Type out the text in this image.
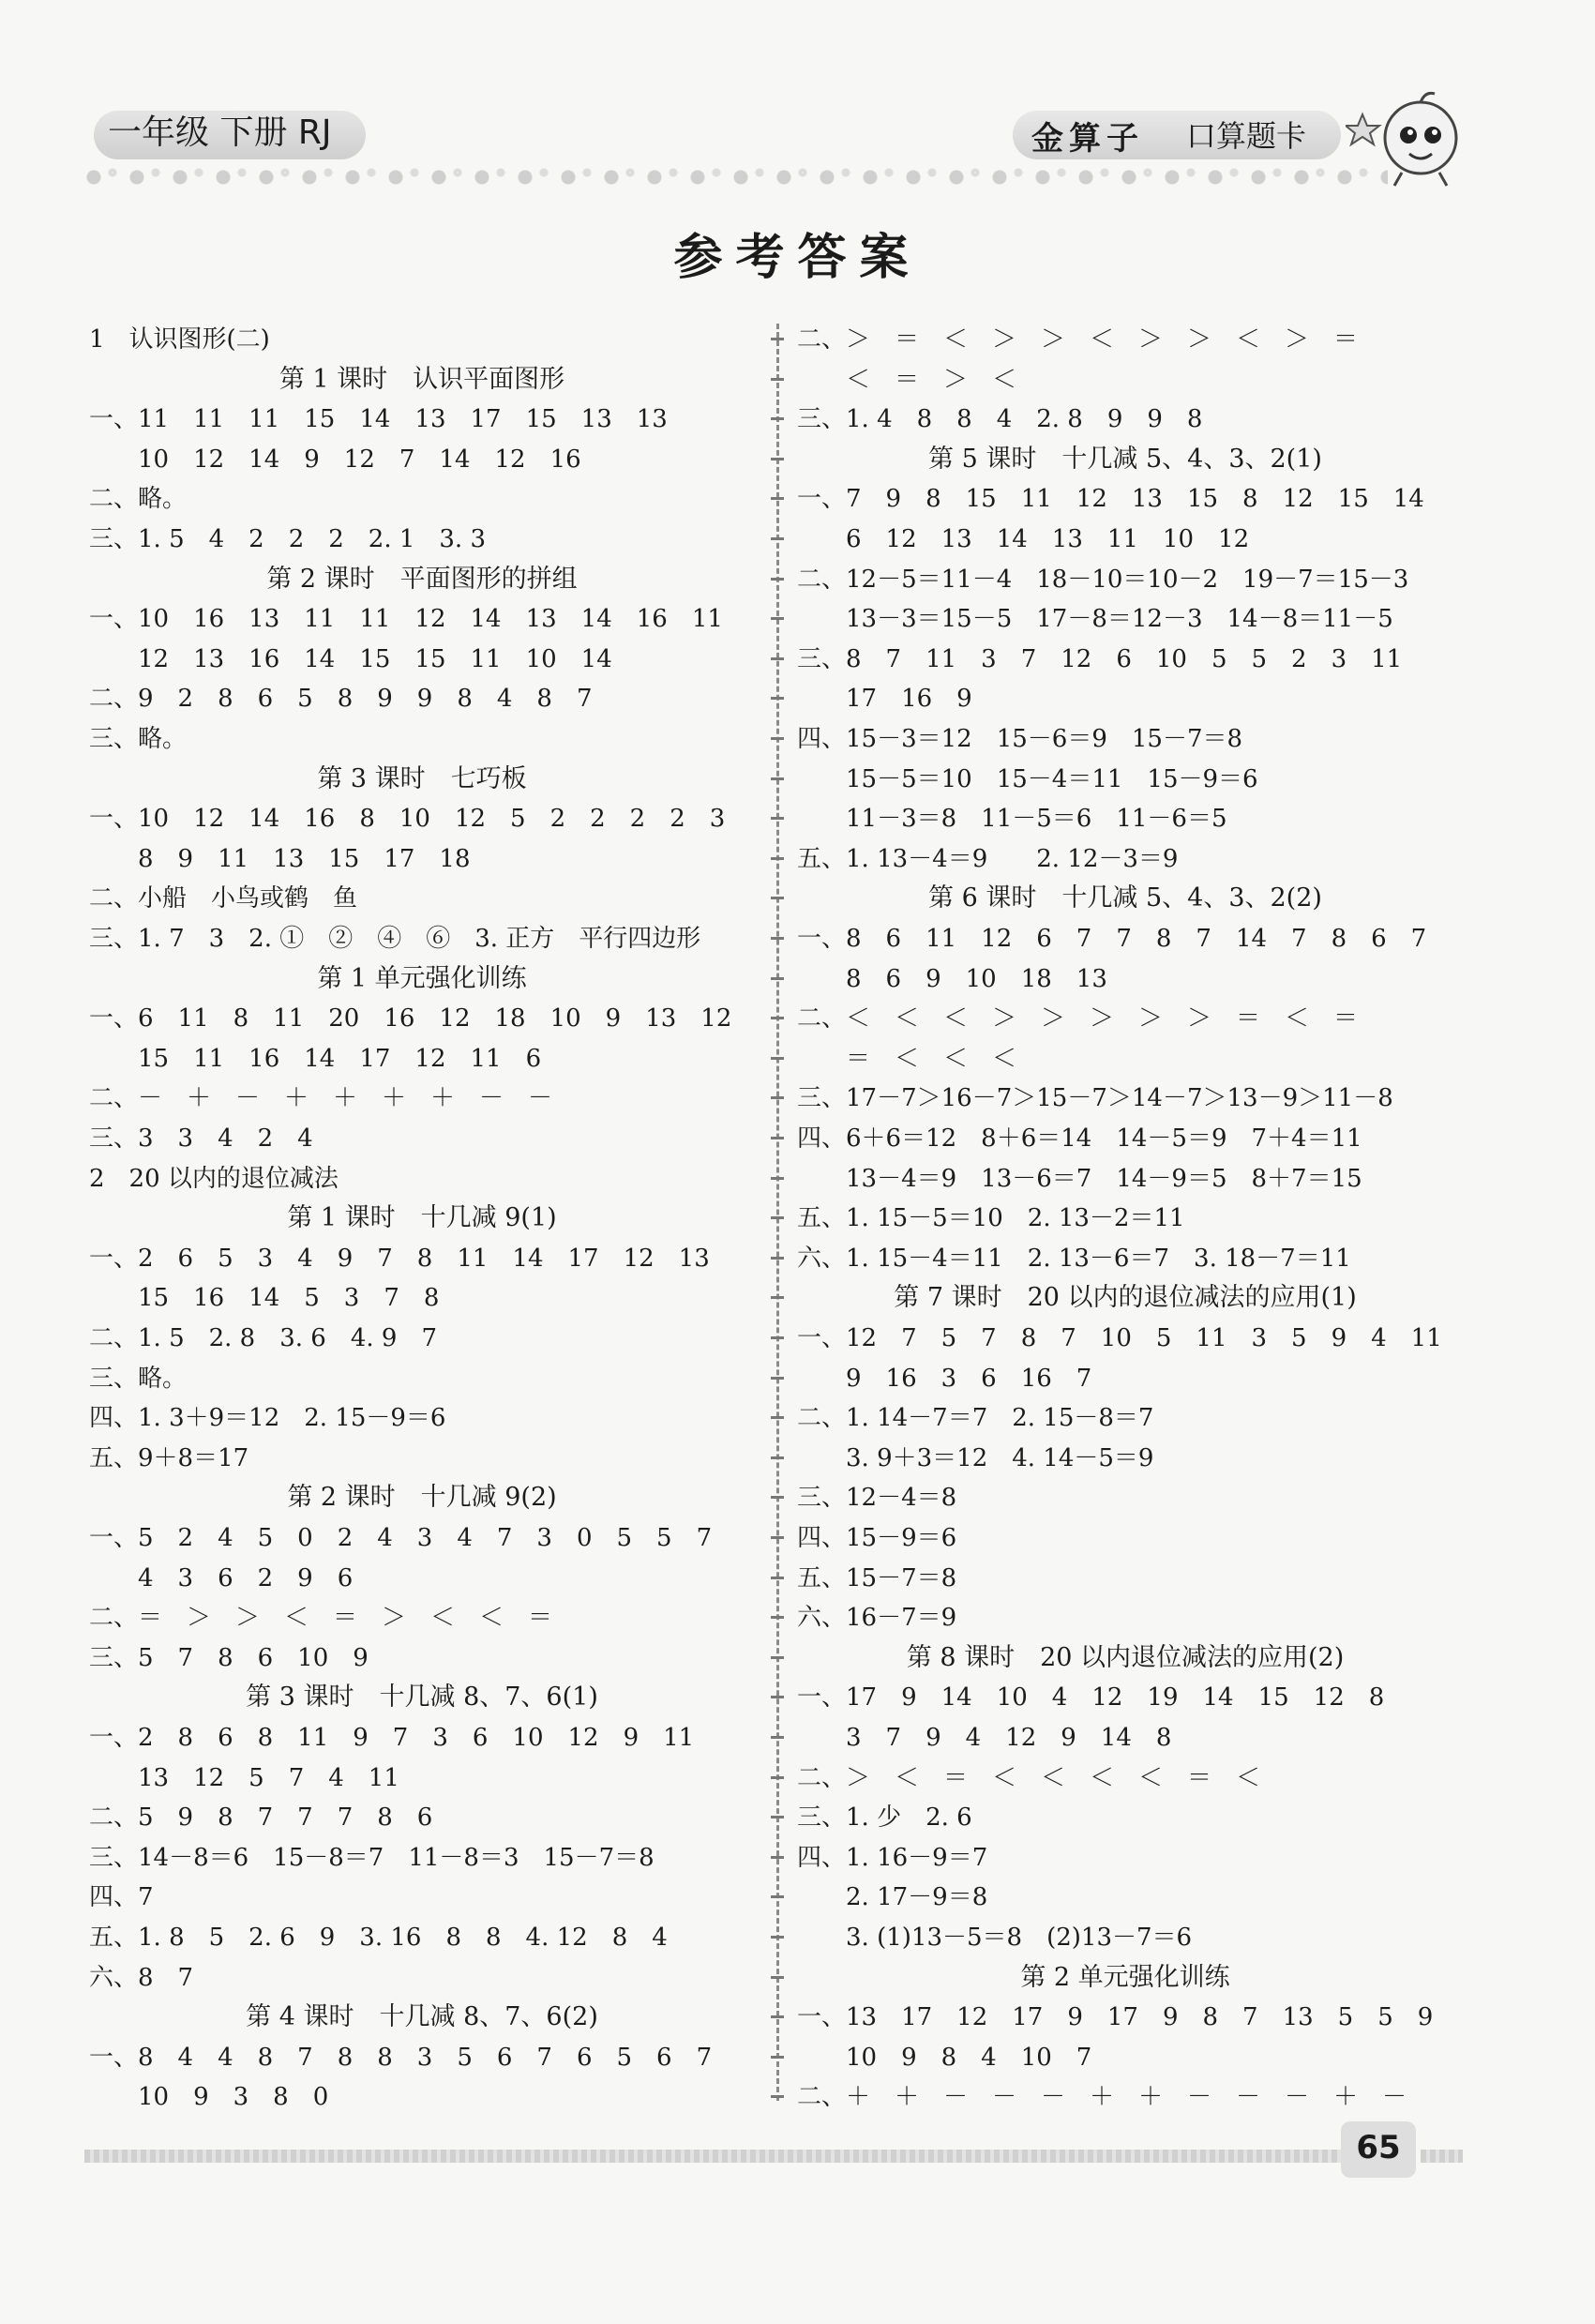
一年级 下册 RJ	金算子 口算题卡
参考答案
1　认识图形(二)
第 1 课时　认识平面图形
一、11　11　11　15　14　13　17　15　13　13
　　10　12　14　9　12　7　14　12　16
二、略。
三、1. 5　4　2　2　2　2. 1　3. 3
第 2 课时　平面图形的拼组
一、10　16　13　11　11　12　14　13　14　16　11
　　12　13　16　14　15　15　11　10　14
二、9　2　8　6　5　8　9　9　8　4　8　7
三、略。
第 3 课时　七巧板
一、10　12　14　16　8　10　12　5　2　2　2　2　3
　　8　9　11　13　15　17　18
二、小船　小鸟或鹤　鱼
三、1. 7　3　2. ①　②　④　⑥　3. 正方　平行四边形
第 1 单元强化训练
一、6　11　8　11　20　16　12　18　10　9　13　12
　　15　11　16　14　17　12　11　6
二、－　＋　－　＋　＋　＋　＋　－　－
三、3　3　4　2　4
2　20 以内的退位减法
第 1 课时　十几减 9(1)
一、2　6　5　3　4　9　7　8　11　14　17　12　13
　　15　16　14　5　3　7　8
二、1. 5　2. 8　3. 6　4. 9　7
三、略。
四、1. 3＋9＝12　2. 15－9＝6
五、9＋8＝17
第 2 课时　十几减 9(2)
一、5　2　4　5　0　2　4　3　4　7　3　0　5　5　7
　　4　3　6　2　9　6
二、＝　＞　＞　＜　＝　＞　＜　＜　＝
三、5　7　8　6　10　9
第 3 课时　十几减 8、7、6(1)
一、2　8　6　8　11　9　7　3　6　10　12　9　11
　　13　12　5　7　4　11
二、5　9　8　7　7　7　8　6
三、14－8＝6　15－8＝7　11－8＝3　15－7＝8
四、7
五、1. 8　5　2. 6　9　3. 16　8　8　4. 12　8　4
六、8　7
第 4 课时　十几减 8、7、6(2)
一、8　4　4　8　7　8　8　3　5　6　7　6　5　6　7
　　10　9　3　8　0
二、＞　＝　＜　＞　＞　＜　＞　＞　＜　＞　＝
　　＜　＝　＞　＜
三、1. 4　8　8　4　2. 8　9　9　8
第 5 课时　十几减 5、4、3、2(1)
一、7　9　8　15　11　12　13　15　8　12　15　14
　　6　12　13　14　13　11　10　12
二、12－5＝11－4　18－10＝10－2　19－7＝15－3
　　13－3＝15－5　17－8＝12－3　14－8＝11－5
三、8　7　11　3　7　12　6　10　5　5　2　3　11
　　17　16　9
四、15－3＝12　15－6＝9　15－7＝8
　　15－5＝10　15－4＝11　15－9＝6
　　11－3＝8　11－5＝6　11－6＝5
五、1. 13－4＝9　　2. 12－3＝9
第 6 课时　十几减 5、4、3、2(2)
一、8　6　11　12　6　7　7　8　7　14　7　8　6　7
　　8　6　9　10　18　13
二、＜　＜　＜　＞　＞　＞　＞　＞　＝　＜　＝
　　＝　＜　＜　＜
三、17－7＞16－7＞15－7＞14－7＞13－9＞11－8
四、6＋6＝12　8＋6＝14　14－5＝9　7＋4＝11
　　13－4＝9　13－6＝7　14－9＝5　8＋7＝15
五、1. 15－5＝10　2. 13－2＝11
六、1. 15－4＝11　2. 13－6＝7　3. 18－7＝11
第 7 课时　20 以内的退位减法的应用(1)
一、12　7　5　7　8　7　10　5　11　3　5　9　4　11
　　9　16　3　6　16　7
二、1. 14－7＝7　2. 15－8＝7
　　3. 9＋3＝12　4. 14－5＝9
三、12－4＝8
四、15－9＝6
五、15－7＝8
六、16－7＝9
第 8 课时　20 以内退位减法的应用(2)
一、17　9　14　10　4　12　19　14　15　12　8
　　3　7　9　4　12　9　14　8
二、＞　＜　＝　＜　＜　＜　＜　＝　＜
三、1. 少　2. 6
四、1. 16－9＝7
　　2. 17－9＝8
　　3. (1)13－5＝8　(2)13－7＝6
第 2 单元强化训练
一、13　17　12　17　9　17　9　8　7　13　5　5　9
　　10　9　8　4　10　7
二、＋　＋　－　－　－　＋　＋　－　－　－　＋　－
65
